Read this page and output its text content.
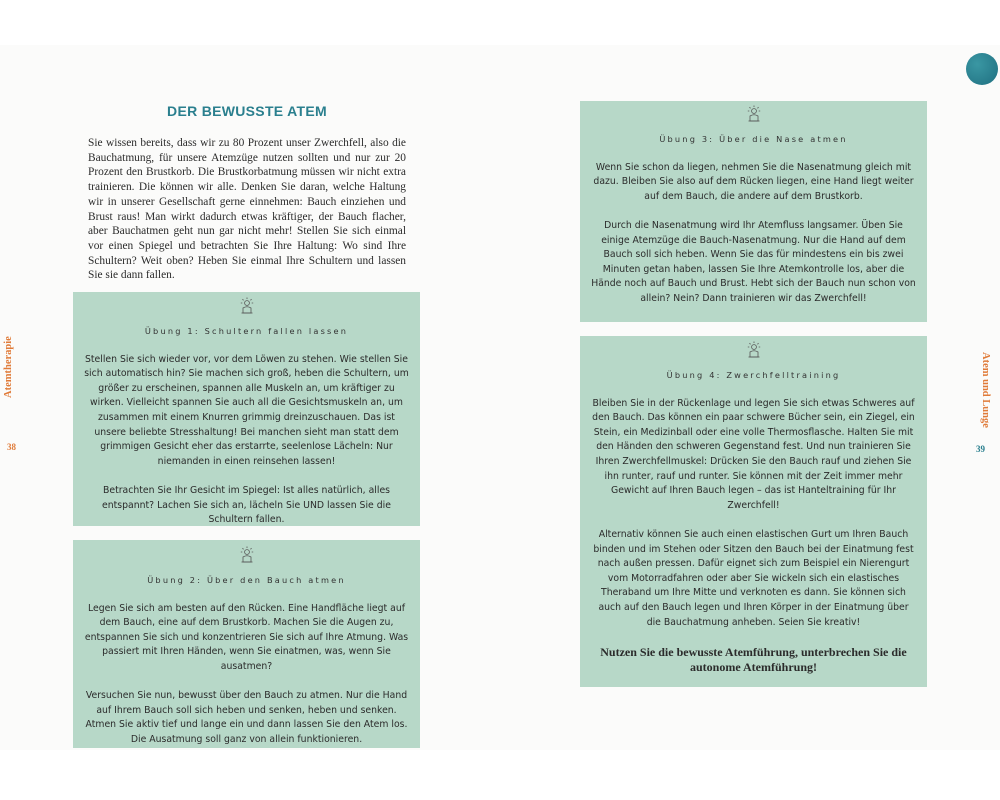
DER BEWUSSTE ATEM
Sie wissen bereits, dass wir zu 80 Prozent unser Zwerchfell, also die Bauchatmung, für unsere Atemzüge nutzen sollten und nur zur 20 Prozent den Brustkorb. Die Brustkorbatmung müssen wir nicht extra trainieren. Die können wir alle. Denken Sie daran, welche Haltung wir in unserer Gesellschaft gerne einnehmen: Bauch einziehen und Brust raus! Man wirkt dadurch etwas kräftiger, der Bauch flacher, aber Bauchatmen geht nun gar nicht mehr! Stellen Sie sich einmal vor einen Spiegel und betrachten Sie Ihre Haltung: Wo sind Ihre Schultern? Weit oben? Heben Sie einmal Ihre Schultern und lassen Sie sie dann fallen.
Übung 1: Schultern fallen lassen

Stellen Sie sich wieder vor, vor dem Löwen zu stehen. Wie stellen Sie sich automatisch hin? Sie machen sich groß, heben die Schultern, um größer zu erscheinen, spannen alle Muskeln an, um kräftiger zu wirken. Vielleicht spannen Sie auch all die Gesichtsmuskeln an, um zusammen mit einem Knurren grimmig dreinzuschauen. Das ist unsere beliebte Stresshaltung! Bei manchen sieht man statt dem grimmigen Gesicht eher das erstarrte, seelenlose Lächeln: Nur niemanden in einen reinsehen lassen!

Betrachten Sie Ihr Gesicht im Spiegel: Ist alles natürlich, alles entspannt? Lachen Sie sich an, lächeln Sie UND lassen Sie die Schultern fallen.

Übung 2: Über den Bauch atmen

Legen Sie sich am besten auf den Rücken. Eine Handfläche liegt auf dem Bauch, eine auf dem Brustkorb. Machen Sie die Augen zu, entspannen Sie sich und konzentrieren Sie sich auf Ihre Atmung. Was passiert mit Ihren Händen, wenn Sie einatmen, was, wenn Sie ausatmen?

Versuchen Sie nun, bewusst über den Bauch zu atmen. Nur die Hand auf Ihrem Bauch soll sich heben und senken, heben und senken. Atmen Sie aktiv tief und lange ein und dann lassen Sie den Atem los. Die Ausatmung soll ganz von allein funktionieren.

Übung 3: Über die Nase atmen

Wenn Sie schon da liegen, nehmen Sie die Nasenatmung gleich mit dazu. Bleiben Sie also auf dem Rücken liegen, eine Hand liegt weiter auf dem Bauch, die andere auf dem Brustkorb.

Durch die Nasenatmung wird Ihr Atemfluss langsamer. Üben Sie einige Atemzüge die Bauch-Nasenatmung. Nur die Hand auf dem Bauch soll sich heben. Wenn Sie das für mindestens ein bis zwei Minuten getan haben, lassen Sie Ihre Atemkontrolle los, aber die Hände noch auf Bauch und Brust. Hebt sich der Bauch nun schon von allein? Nein? Dann trainieren wir das Zwerchfell!

Übung 4: Zwerchfelltraining

Bleiben Sie in der Rückenlage und legen Sie sich etwas Schweres auf den Bauch. Das können ein paar schwere Bücher sein, ein Ziegel, ein Stein, ein Medizinball oder eine volle Thermosflasche. Halten Sie mit den Händen den schweren Gegenstand fest. Und nun trainieren Sie Ihren Zwerchfellmuskel: Drücken Sie den Bauch rauf und ziehen Sie ihn runter, rauf und runter. Sie können mit der Zeit immer mehr Gewicht auf Ihren Bauch legen – das ist Hanteltraining für Ihr Zwerchfell!

Alternativ können Sie auch einen elastischen Gurt um Ihren Bauch binden und im Stehen oder Sitzen den Bauch bei der Einatmung fest nach außen pressen. Dafür eignet sich zum Beispiel ein Nierengurt vom Motorradfahren oder aber Sie wickeln sich ein elastisches Theraband um Ihre Mitte und verknoten es dann. Sie können sich auch auf den Bauch legen und Ihren Körper in der Einatmung über die Bauchatmung anheben. Seien Sie kreativ!

Nutzen Sie die bewusste Atemführung, unterbrechen Sie die autonome Atemführung!

Atemtherapie
38
Atem und Lunge
39
